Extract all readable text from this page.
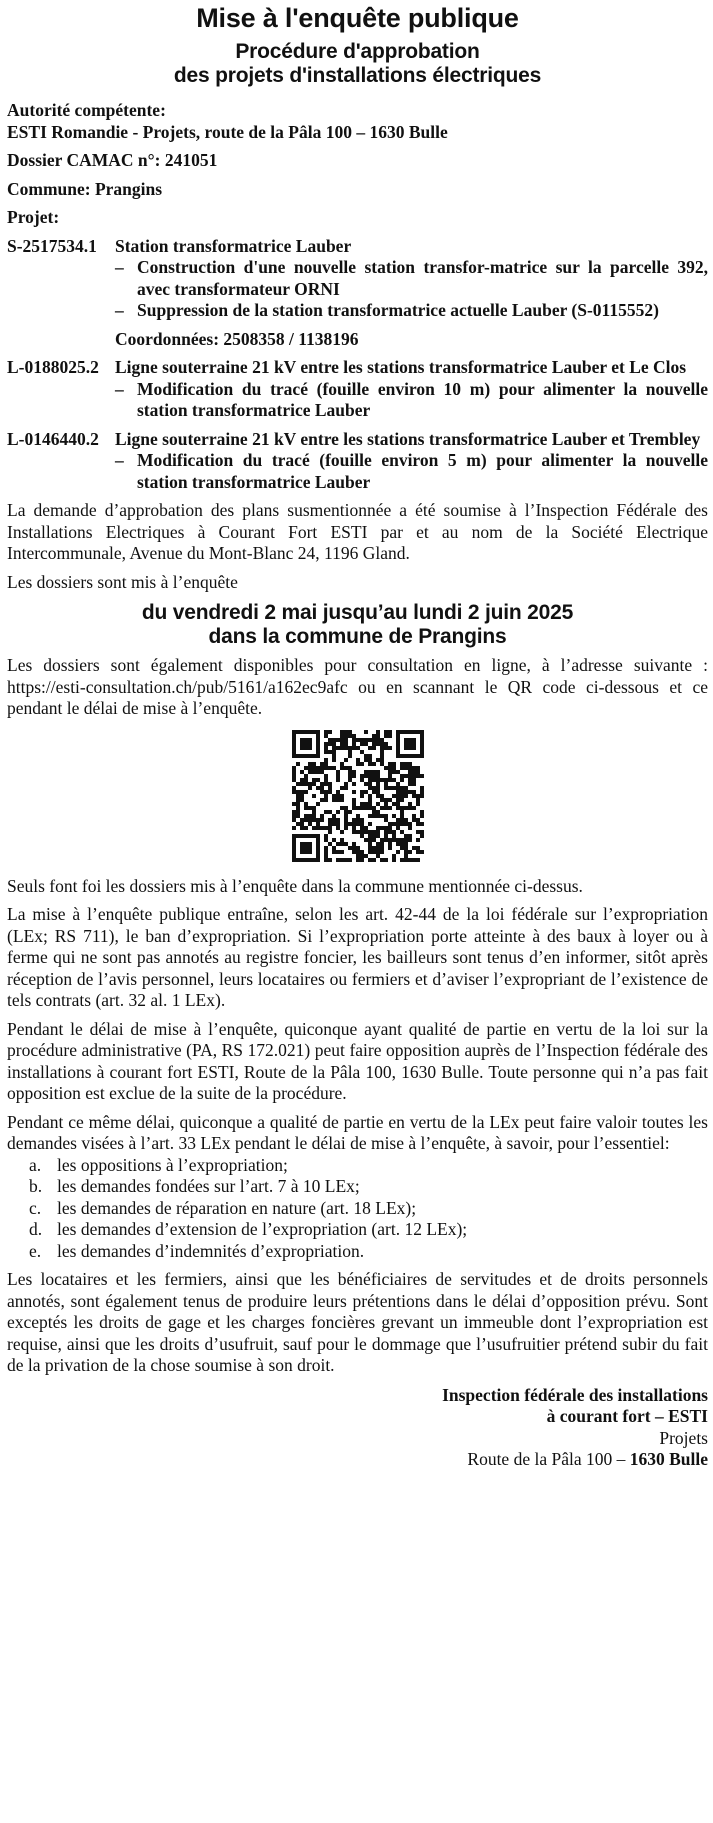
Mise à l'enquête publique
Procédure d'approbation
des projets d'installations électriques
Autorité compétente:
ESTI Romandie - Projets, route de la Pâla 100 – 1630 Bulle
Dossier CAMAC n°: 241051
Commune: Prangins
Projet:
S-2517534.1	Station transformatrice Lauber
– Construction d'une nouvelle station transfor-matrice sur la parcelle 392, avec transformateur ORNI
– Suppression de la station transformatrice actuelle Lauber (S-0115552)
Coordonnées: 2508358 / 1138196
L-0188025.2 Ligne souterraine 21 kV entre les stations transformatrice Lauber et Le Clos
– Modification du tracé (fouille environ 10 m) pour alimenter la nouvelle station transformatrice Lauber
L-0146440.2 Ligne souterraine 21 kV entre les stations transformatrice Lauber et Trembley
– Modification du tracé (fouille environ 5 m) pour alimenter la nouvelle station transformatrice Lauber
La demande d’approbation des plans susmentionnée a été soumise à l’Inspection Fédérale des Installations Electriques à Courant Fort ESTI par et au nom de la Société Electrique Intercommunale, Avenue du Mont-Blanc 24, 1196 Gland.
Les dossiers sont mis à l’enquête
du vendredi 2 mai jusqu’au lundi 2 juin 2025
dans la commune de Prangins
Les dossiers sont également disponibles pour consultation en ligne, à l’adresse suivante : https://esti-consultation.ch/pub/5161/a162ec9afc ou en scannant le QR code ci-dessous et ce pendant le délai de mise à l’enquête.
Seuls font foi les dossiers mis à l’enquête dans la commune mentionnée ci-dessus.
La mise à l’enquête publique entraîne, selon les art. 42-44 de la loi fédérale sur l’expropriation (LEx; RS 711), le ban d’expropriation. Si l’expropriation porte atteinte à des baux à loyer ou à ferme qui ne sont pas annotés au registre foncier, les bailleurs sont tenus d’en informer, sitôt après réception de l’avis personnel, leurs locataires ou fermiers et d’aviser l’expropriant de l’existence de tels contrats (art. 32 al. 1 LEx).
Pendant le délai de mise à l’enquête, quiconque ayant qualité de partie en vertu de la loi sur la procédure administrative (PA, RS 172.021) peut faire opposition auprès de l’Inspection fédérale des installations à courant fort ESTI, Route de la Pâla 100, 1630 Bulle. Toute personne qui n’a pas fait opposition est exclue de la suite de la procédure.
Pendant ce même délai, quiconque a qualité de partie en vertu de la LEx peut faire valoir toutes les demandes visées à l’art. 33 LEx pendant le délai de mise à l’enquête, à savoir, pour l’essentiel:
a. les oppositions à l’expropriation;
b. les demandes fondées sur l’art. 7 à 10 LEx;
c. les demandes de réparation en nature (art. 18 LEx);
d. les demandes d’extension de l’expropriation (art. 12 LEx);
e. les demandes d’indemnités d’expropriation.
Les locataires et les fermiers, ainsi que les bénéficiaires de servitudes et de droits personnels annotés, sont également tenus de produire leurs prétentions dans le délai d’opposition prévu. Sont exceptés les droits de gage et les charges foncières grevant un immeuble dont l’expropriation est requise, ainsi que les droits d’usufruit, sauf pour le dommage que l’usufruitier prétend subir du fait de la privation de la chose soumise à son droit.
Inspection fédérale des installations
à courant fort – ESTI
Projets
Route de la Pâla 100 – 1630 Bulle
